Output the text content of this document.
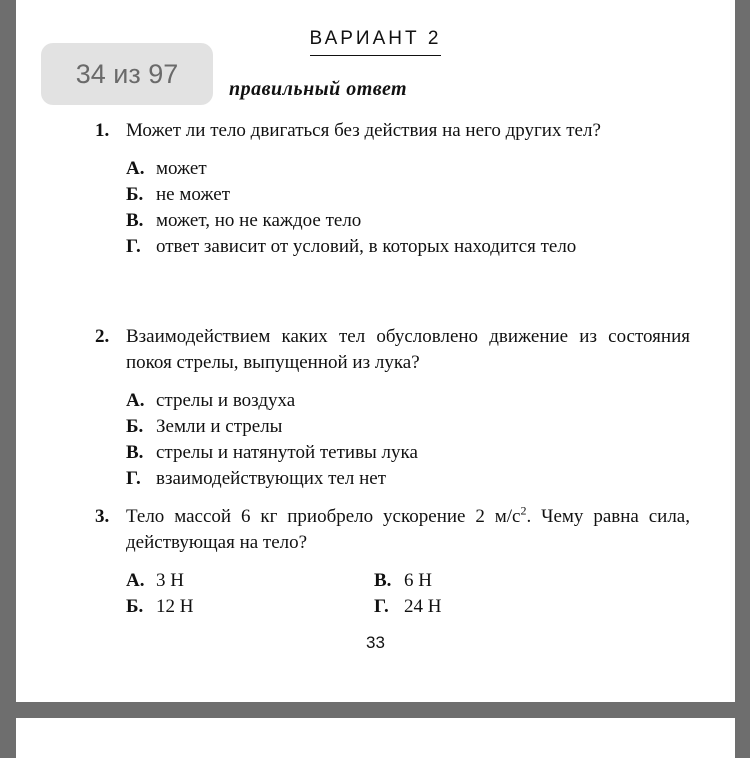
ВАРИАНТ 2
правильный ответ
1. Может ли тело двигаться без действия на него других тел?
А. может
Б. не может
В. может, но не каждое тело
Г. ответ зависит от условий, в которых находится тело
2. Взаимодействием каких тел обусловлено движение из состояния покоя стрелы, выпущенной из лука?
А. стрелы и воздуха
Б. Земли и стрелы
В. стрелы и натянутой тетивы лука
Г. взаимодействующих тел нет
3. Тело массой 6 кг приобрело ускорение 2 $м/с^2$. Чему равна сила, действующая на тело?
А. 3 Н	В. 6 Н
Б. 12 Н	Г. 24 Н
33
34 из 97
